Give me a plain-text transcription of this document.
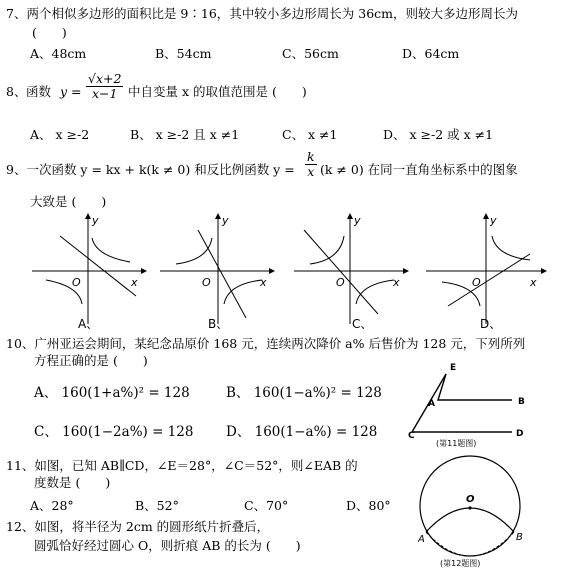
7、两个相似多边形的面积比是 9∶16，其中较小多边形周长为 36cm，则较大多边形周长为
(　　)
A、48cm	B、54cm	C、56cm	D、64cm
8、 函数 $y = \frac{√x+2}{x-1}$ 中自变量 x 的取值范围是 (　　)
A、 x ≥-2	B、 x ≥-2 且 x ≠1	C、 x ≠1	D、 x ≥-2 或 x ≠1
9、一次函数 y = kx + k(k ≠ 0) 和反比例函数 $y = \frac{k}{x} (k \ne 0)$ 在同一直角坐标系中的图象
大致是 (　　)
y
x
O
A、
y
x
O
B、
y
x
O
C、
y
x
O
D、
10、广州亚运会期间，某纪念品原价 168 元，连续两次降价 a% 后售价为 128 元，下列所列
方程正确的是 (　　)
A、 160(1+a%)² = 128	B、 160(1−a%)² = 128
C、 160(1−2a%) = 128 D、 160(1−a%) = 128
E
A	B
C	D
(第11题图)
11、如图，已知 AB∥CD，∠E＝28°，∠C＝52°，则∠EAB 的
度数是 (　　)
A、28°	B、52°	C、70°	D、80°	O
A	B
(第12题图)
12、如图，将半径为 2cm 的圆形纸片折叠后，
圆弧恰好经过圆心 O，则折痕 AB 的长为 (　　)
